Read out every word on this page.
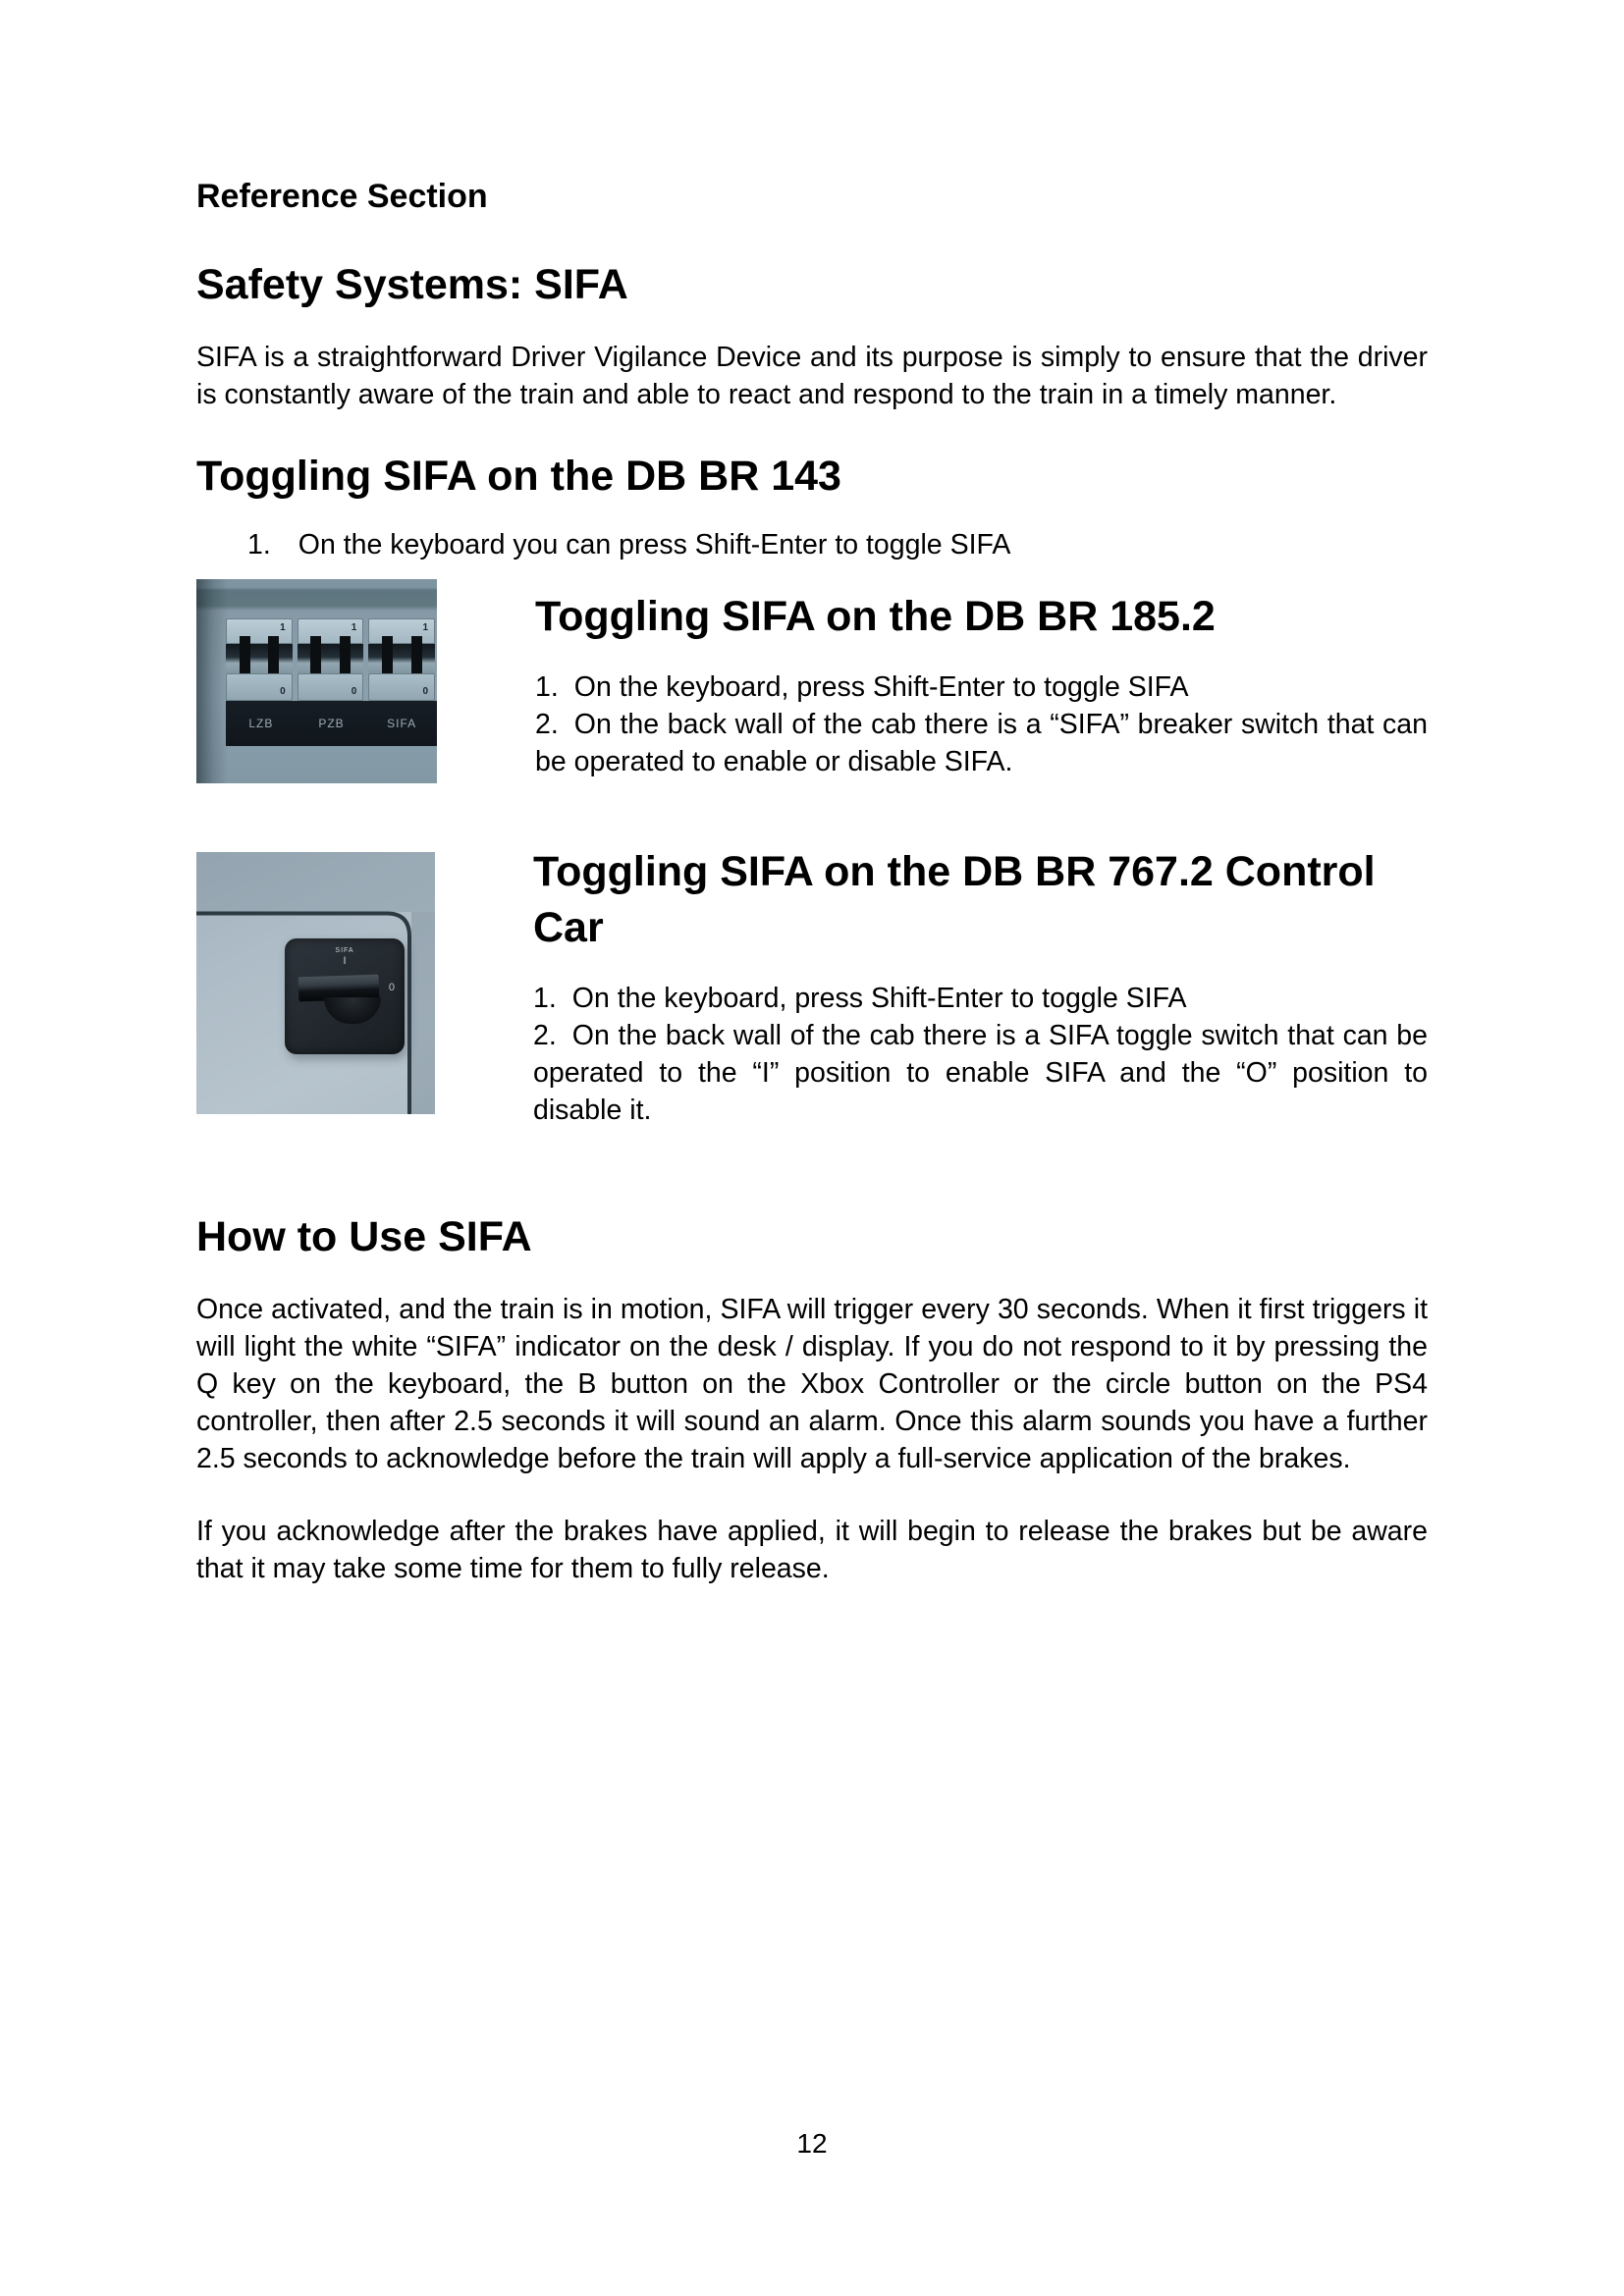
Reference Section
Safety Systems: SIFA

SIFA is a straightforward Driver Vigilance Device and its purpose is simply to ensure that the driver is constantly aware of the train and able to react and respond to the train in a timely manner.

Toggling SIFA on the DB BR 143
1. On the keyboard you can press Shift-Enter to toggle SIFA
1
0
1
0
1
0
LZB	PZB	SIFA
Toggling SIFA on the DB BR 185.2
1. On the keyboard, press Shift-Enter to toggle SIFA
2. On the back wall of the cab there is a “SIFA” breaker switch that can be operated to enable or disable SIFA.
SIFA
I
0
Toggling SIFA on the DB BR 767.2 Control Car
1. On the keyboard, press Shift-Enter to toggle SIFA
2. On the back wall of the cab there is a SIFA toggle switch that can be operated to the “I” position to enable SIFA and the “O” position to disable it.
How to Use SIFA

Once activated, and the train is in motion, SIFA will trigger every 30 seconds. When it first triggers it will light the white “SIFA” indicator on the desk / display. If you do not respond to it by pressing the Q key on the keyboard, the B button on the Xbox Controller or the circle button on the PS4 controller, then after 2.5 seconds it will sound an alarm. Once this alarm sounds you have a further 2.5 seconds to acknowledge before the train will apply a full-service application of the brakes.

If you acknowledge after the brakes have applied, it will begin to release the brakes but be aware that it may take some time for them to fully release.

12
